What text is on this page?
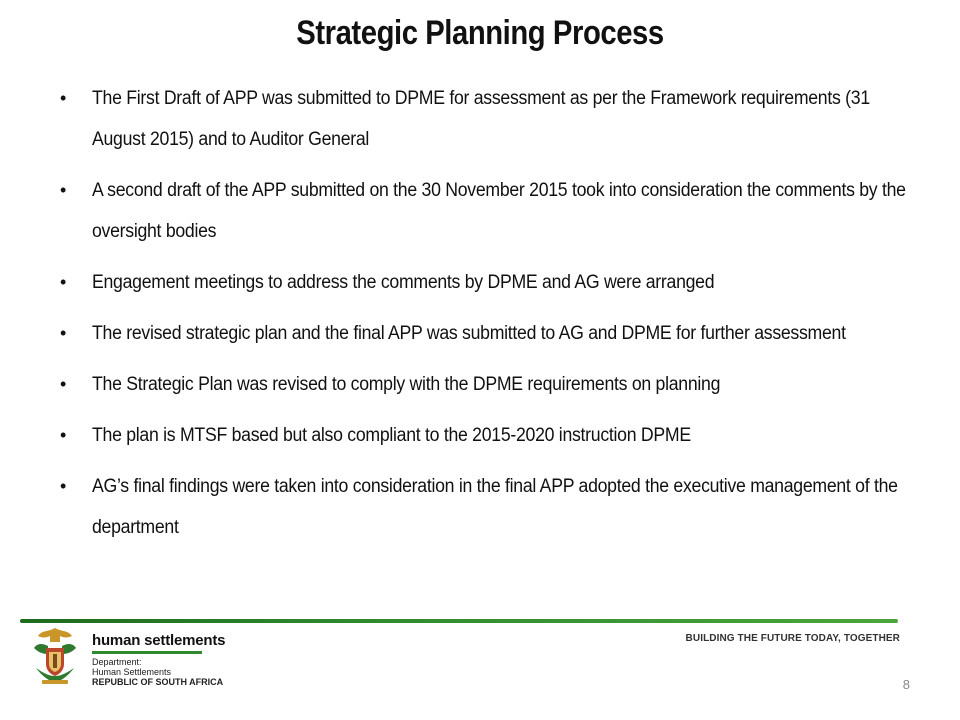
Strategic Planning Process
• The First Draft of APP was submitted to DPME for assessment as per the Framework requirements (31 August 2015) and to Auditor General
• A second draft of the APP submitted on the 30 November 2015 took into consideration the comments by the oversight bodies
• Engagement meetings to address the comments by DPME and AG were arranged
• The revised strategic plan and the final APP was submitted to AG and DPME for further assessment
• The Strategic Plan was revised to comply with the DPME requirements on planning
• The plan is MTSF based but also compliant to the 2015-2020 instruction DPME
• AG’s final findings were taken into consideration in the final APP adopted the executive management of the department
human settlements
Department:
Human Settlements
REPUBLIC OF SOUTH AFRICA
BUILDING THE FUTURE TODAY, TOGETHER
8
